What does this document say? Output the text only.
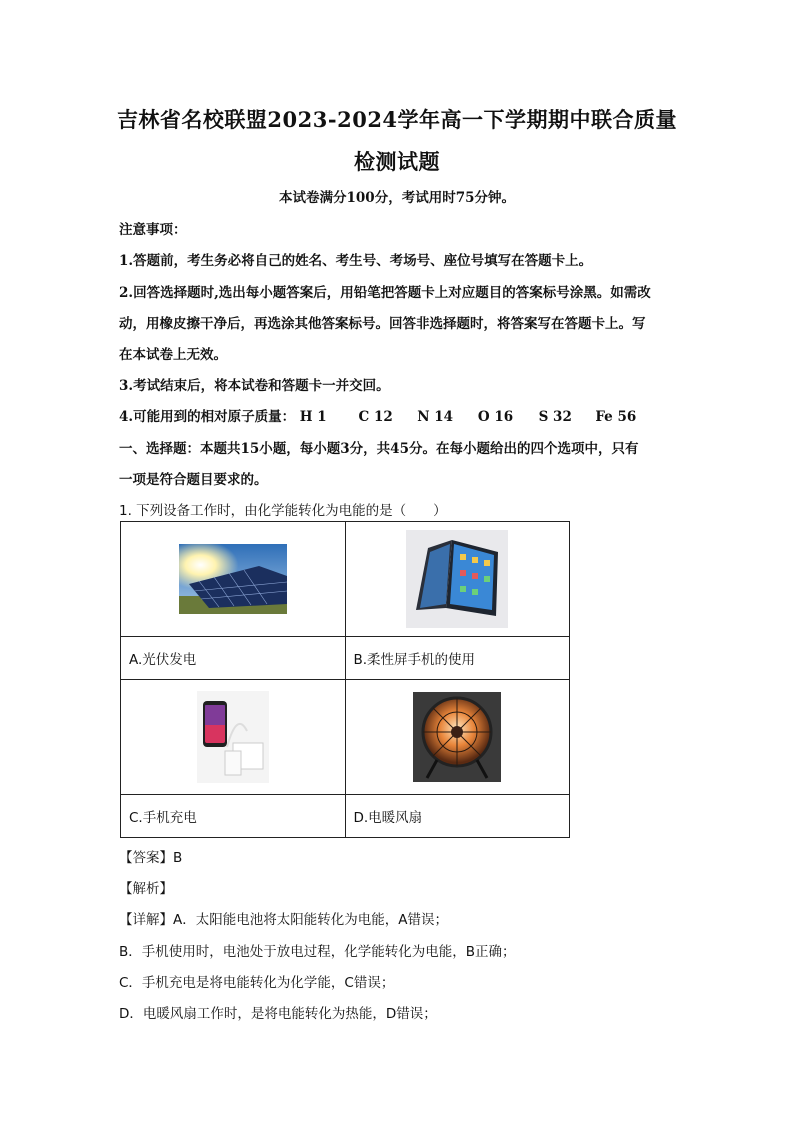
吉林省名校联盟2023-2024学年高一下学期期中联合质量
检测试题
本试卷满分100分，考试用时75分钟。
注意事项：
1.答题前，考生务必将自己的姓名、考生号、考场号、座位号填写在答题卡上。
2.回答选择题时,选出每小题答案后，用铅笔把答题卡上对应题目的答案标号涂黑。如需改
动，用橡皮擦干净后，再选涂其他答案标号。回答非选择题时，将答案写在答题卡上。写
在本试卷上无效。
3.考试结束后，将本试卷和答题卡一并交回。
4.可能用到的相对原子质量： H 1 C 12 N 14 O 16 S 32 Fe 56
一、选择题：本题共15小题，每小题3分，共45分。在每小题给出的四个选项中，只有
一项是符合题目要求的。
1. 下列设备工作时，由化学能转化为电能的是（　　）

A.光伏发电	B.柔性屏手机的使用

C.手机充电	D.电暖风扇
【答案】B
【解析】
【详解】A．太阳能电池将太阳能转化为电能，A错误；
B．手机使用时，电池处于放电过程，化学能转化为电能，B正确；
C．手机充电是将电能转化为化学能，C错误；
D．电暖风扇工作时，是将电能转化为热能，D错误；
